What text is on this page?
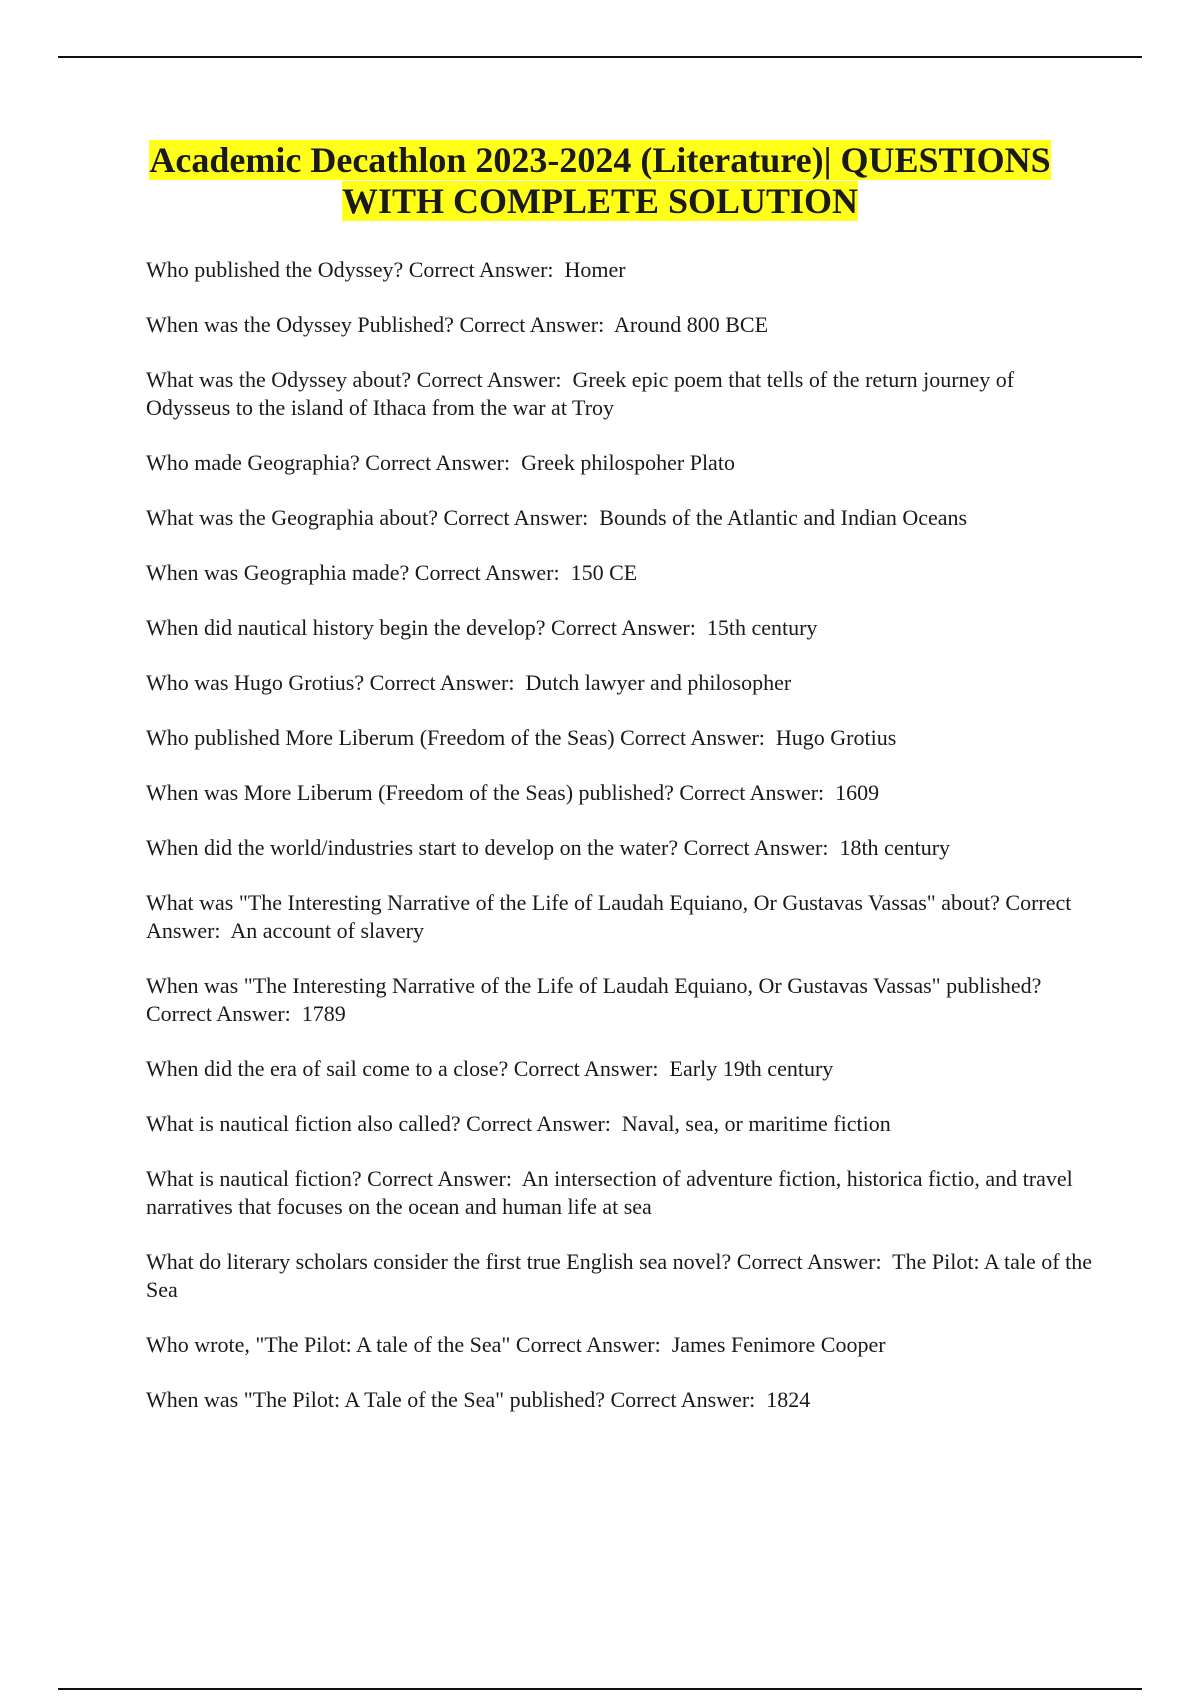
Academic Decathlon 2023-2024 (Literature)| QUESTIONS
WITH COMPLETE SOLUTION
Who published the Odyssey? Correct Answer: Homer
When was the Odyssey Published? Correct Answer: Around 800 BCE
What was the Odyssey about? Correct Answer: Greek epic poem that tells of the return journey of Odysseus to the island of Ithaca from the war at Troy
Who made Geographia? Correct Answer: Greek philospoher Plato
What was the Geographia about? Correct Answer: Bounds of the Atlantic and Indian Oceans
When was Geographia made? Correct Answer: 150 CE
When did nautical history begin the develop? Correct Answer: 15th century
Who was Hugo Grotius? Correct Answer: Dutch lawyer and philosopher
Who published More Liberum (Freedom of the Seas) Correct Answer: Hugo Grotius
When was More Liberum (Freedom of the Seas) published? Correct Answer: 1609
When did the world/industries start to develop on the water? Correct Answer: 18th century
What was "The Interesting Narrative of the Life of Laudah Equiano, Or Gustavas Vassas" about? Correct Answer: An account of slavery
When was "The Interesting Narrative of the Life of Laudah Equiano, Or Gustavas Vassas" published?Correct Answer: 1789
When did the era of sail come to a close? Correct Answer: Early 19th century
What is nautical fiction also called? Correct Answer: Naval, sea, or maritime fiction
What is nautical fiction? Correct Answer: An intersection of adventure fiction, historica fictio, and travel narratives that focuses on the ocean and human life at sea
What do literary scholars consider the first true English sea novel? Correct Answer: The Pilot: A tale of the Sea
Who wrote, "The Pilot: A tale of the Sea" Correct Answer: James Fenimore Cooper
When was "The Pilot: A Tale of the Sea" published? Correct Answer: 1824
